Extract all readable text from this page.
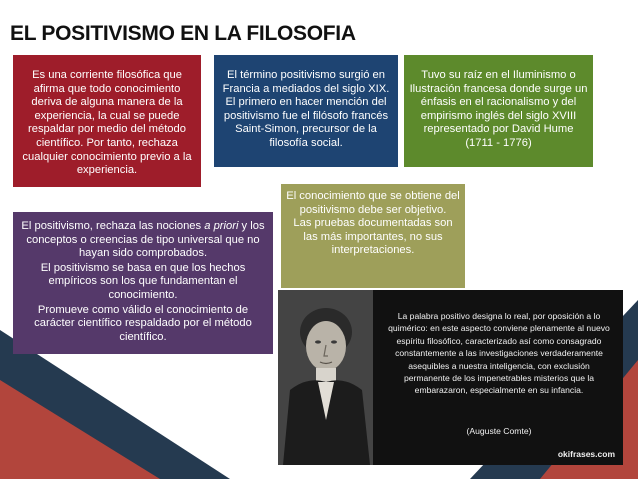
EL POSITIVISMO EN LA FILOSOFIA

Es una corriente filosófica que afirma que todo conocimiento deriva de alguna manera de la experiencia, la cual se puede respaldar por medio del método científico. Por tanto, rechaza cualquier conocimiento previo a la experiencia.

El término positivismo surgió en Francia a mediados del siglo XIX. El primero en hacer mención del positivismo fue el filósofo francés Saint-Simon, precursor de la filosofía social.

Tuvo su raíz en el Iluminismo o Ilustración francesa donde surge un énfasis en el racionalismo y del empirismo inglés del siglo XVIII representado por David Hume (1711 - 1776)

El conocimiento que se obtiene del positivismo debe ser objetivo.

Las pruebas documentadas son las más importantes, no sus interpretaciones.

El positivismo, rechaza las nociones a priori y los conceptos o creencias de tipo universal que no hayan sido comprobados.

El positivismo se basa en que los hechos empíricos son los que fundamentan el conocimiento.

Promueve como válido el conocimiento de carácter científico respaldado por el método científico.

La palabra positivo designa lo real, por oposición a lo quimérico: en este aspecto conviene plenamente al nuevo espíritu filosófico, caracterizado así como consagrado constantemente a las investigaciones verdaderamente asequibles a nuestra inteligencia, con exclusión permanente de los impenetrables misterios que la embarazaron, especialmente en su infancia.
(Auguste Comte)
okifrases.com
